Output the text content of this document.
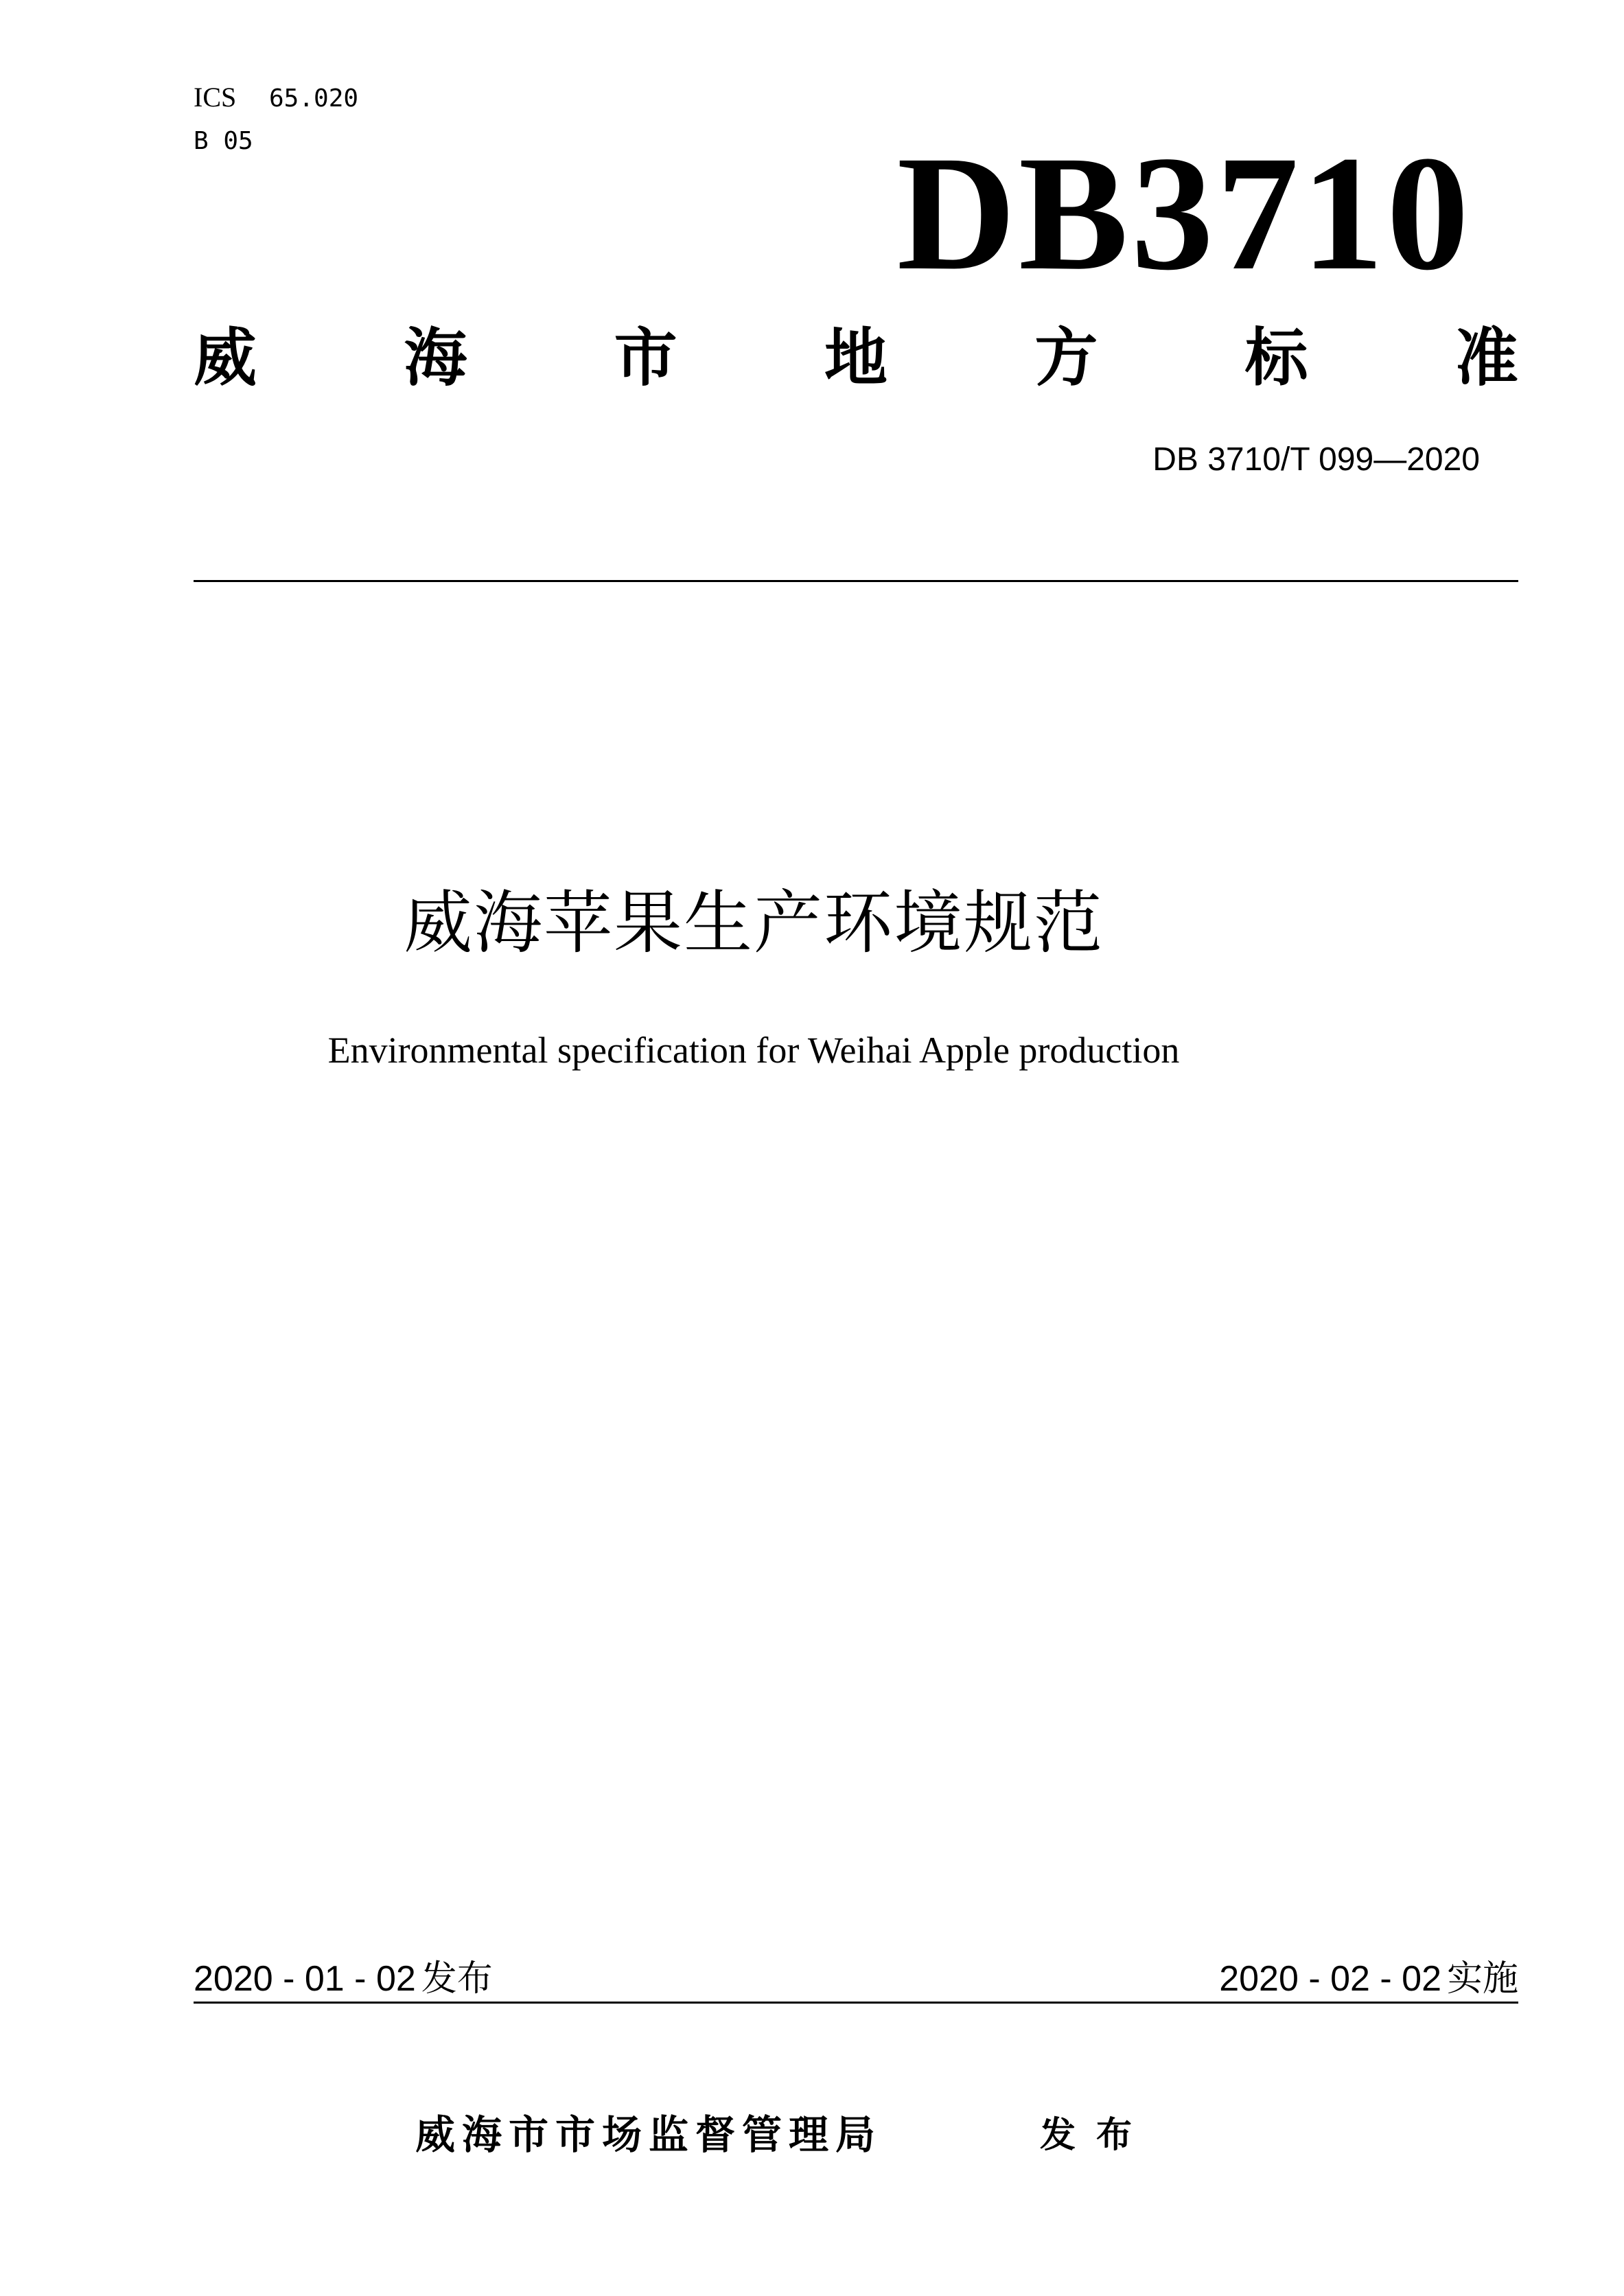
ICS 65.020
B 05	DB3710
威 海 市 地 方 标 准
DB 3710/T 099—2020
威海苹果生产环境规范
Environmental specification for Weihai Apple production
2020 - 01 - 02 发布	2020 - 02 - 02 实施
威海市市场监督管理局	发布
